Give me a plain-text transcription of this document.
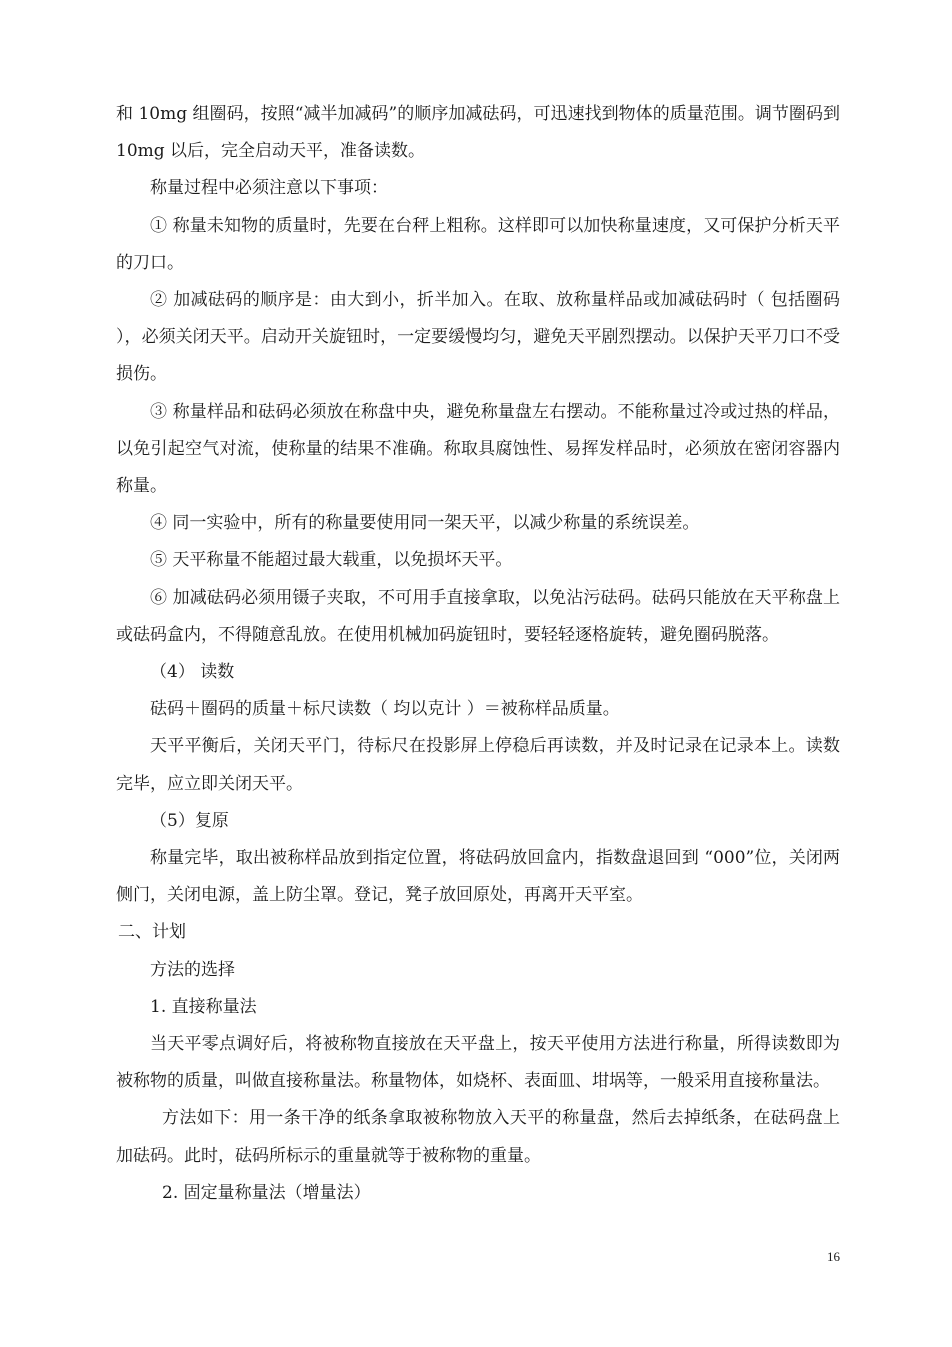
和 10mg 组圈码，按照“减半加减码”的顺序加减砝码，可迅速找到物体的质量范围。调节圈码到 10mg 以后，完全启动天平，准备读数。

称量过程中必须注意以下事项：

① 称量未知物的质量时，先要在台秤上粗称。这样即可以加快称量速度，又可保护分析天平的刀口。

② 加减砝码的顺序是：由大到小，折半加入。在取、放称量样品或加减砝码时（ 包括圈码 ），必须关闭天平。启动开关旋钮时，一定要缓慢均匀，避免天平剧烈摆动。以保护天平刀口不受损伤。

③ 称量样品和砝码必须放在称盘中央，避免称量盘左右摆动。不能称量过冷或过热的样品，以免引起空气对流，使称量的结果不准确。称取具腐蚀性、易挥发样品时，必须放在密闭容器内称量。

④ 同一实验中，所有的称量要使用同一架天平，以减少称量的系统误差。

⑤ 天平称量不能超过最大载重，以免损坏天平。

⑥ 加减砝码必须用镊子夹取，不可用手直接拿取，以免沾污砝码。砝码只能放在天平称盘上或砝码盒内，不得随意乱放。在使用机械加码旋钮时，要轻轻逐格旋转，避免圈码脱落。

（4） 读数

砝码＋圈码的质量＋标尺读数（ 均以克计 ）＝被称样品质量。

天平平衡后，关闭天平门，待标尺在投影屏上停稳后再读数，并及时记录在记录本上。读数完毕，应立即关闭天平。

（5）复原

称量完毕，取出被称样品放到指定位置，将砝码放回盒内，指数盘退回到 “000”位，关闭两侧门，关闭电源，盖上防尘罩。登记，凳子放回原处，再离开天平室。

二、计划

方法的选择

1. 直接称量法

当天平零点调好后，将被称物直接放在天平盘上，按天平使用方法进行称量，所得读数即为被称物的质量，叫做直接称量法。称量物体，如烧杯、表面皿、坩埚等，一般采用直接称量法。

方法如下：用一条干净的纸条拿取被称物放入天平的称量盘，然后去掉纸条，在砝码盘上加砝码。此时，砝码所标示的重量就等于被称物的重量。

2. 固定量称量法（增量法）

16
